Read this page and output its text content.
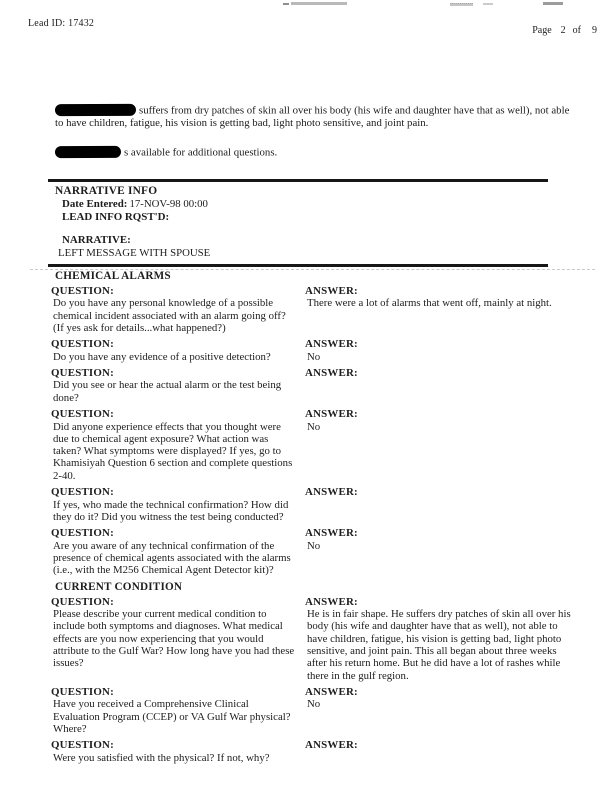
Lead ID: 17432
Page 2 of 9

suffers from dry patches of skin all over his body (his wife and daughter have that as well), not able to have children, fatigue, his vision is getting bad, light photo sensitive, and joint pain.

s available for additional questions.

NARRATIVE INFO
Date Entered: 17-NOV-98 00:00
LEAD INFO RQST'D:
NARRATIVE:
LEFT MESSAGE WITH SPOUSE
CHEMICAL ALARMS
QUESTION:
Do you have any personal knowledge of a possible chemical incident associated with an alarm going off? (If yes ask for details...what happened?)
ANSWER:
There were a lot of alarms that went off, mainly at night.
QUESTION:
Do you have any evidence of a positive detection?
ANSWER:
No
QUESTION:
Did you see or hear the actual alarm or the test being done?
ANSWER:
QUESTION:
Did anyone experience effects that you thought were due to chemical agent exposure? What action was taken? What symptoms were displayed? If yes, go to Khamisiyah Question 6 section and complete questions 2-40.
ANSWER:
No
QUESTION:
If yes, who made the technical confirmation? How did they do it? Did you witness the test being conducted?
ANSWER:
QUESTION:
Are you aware of any technical confirmation of the presence of chemical agents associated with the alarms (i.e., with the M256 Chemical Agent Detector kit)?
ANSWER:
No
CURRENT CONDITION
QUESTION:
Please describe your current medical condition to include both symptoms and diagnoses. What medical effects are you now experiencing that you would attribute to the Gulf War? How long have you had these issues?
ANSWER:
He is in fair shape. He suffers dry patches of skin all over his body (his wife and daughter have that as well), not able to have children, fatigue, his vision is getting bad, light photo sensitive, and joint pain. This all began about three weeks after his return home. But he did have a lot of rashes while there in the gulf region.
QUESTION:
Have you received a Comprehensive Clinical Evaluation Program (CCEP) or VA Gulf War physical? Where?
ANSWER:
No
QUESTION:
Were you satisfied with the physical? If not, why?
ANSWER:
